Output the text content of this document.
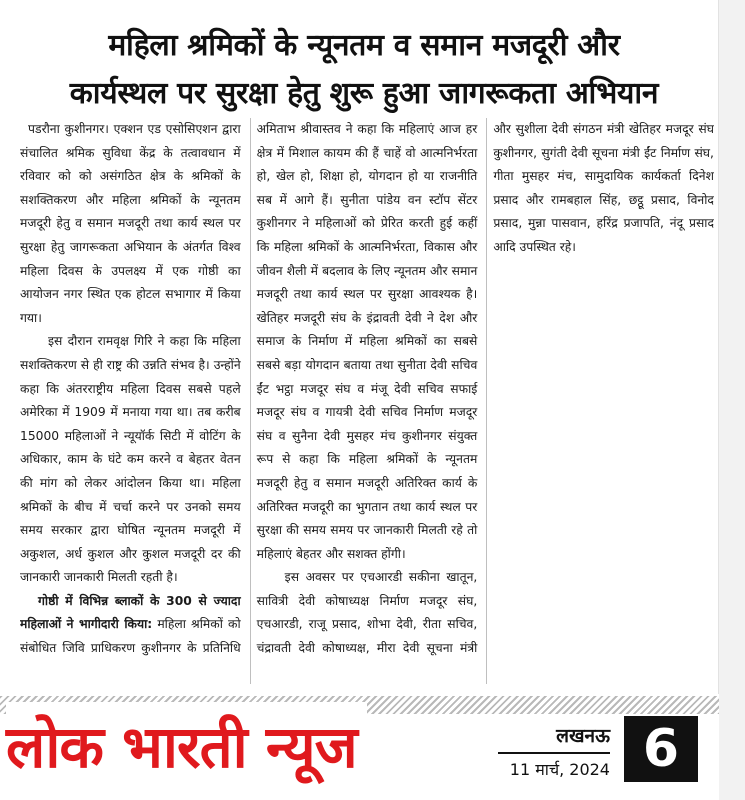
महिला श्रमिकों के न्यूनतम व समान मजदूरी और
कार्यस्थल पर सुरक्षा हेतु शुरू हुआ जागरूकता अभियान

पडरौना कुशीनगर। एक्शन एड एसोसिएशन द्वारा संचालित श्रमिक सुविधा केंद्र के तत्वावधान में रविवार को को असंगठित क्षेत्र के श्रमिकों के सशक्तिकरण और महिला श्रमिकों के न्यूनतम मजदूरी हेतु व समान मजदूरी तथा कार्य स्थल पर सुरक्षा हेतु जागरूकता अभियान के अंतर्गत विश्व महिला दिवस के उपलक्ष्य में एक गोष्ठी का आयोजन नगर स्थित एक होटल सभागार में किया गया।

इस दौरान रामवृक्ष गिरि ने कहा कि महिला सशक्तिकरण से ही राष्ट्र की उन्नति संभव है। उन्होंने कहा कि अंतरराष्ट्रीय महिला दिवस सबसे पहले अमेरिका में 1909 में मनाया गया था। तब करीब 15000 महिलाओं ने न्यूयॉर्क सिटी में वोटिंग के अधिकार, काम के घंटे कम करने व बेहतर वेतन की मांग को लेकर आंदोलन किया था। महिला श्रमिकों के बीच में चर्चा करने पर उनको समय समय सरकार द्वारा घोषित न्यूनतम मजदूरी में अकुशल, अर्ध कुशल और कुशल मजदूरी दर की जानकारी जानकारी मिलती रहती है।

गोष्ठी में विभिन्न ब्लाकों के 300 से ज्यादा महिलाओं ने भागीदारी किया: महिला श्रमिकों को संबोधित जिवि प्राधिकरण कुशीनगर के प्रतिनिधि अमिताभ श्रीवास्तव ने कहा कि महिलाएं आज हर क्षेत्र में मिशाल कायम की हैं चाहें वो आत्मनिर्भरता हो, खेल हो, शिक्षा हो, योगदान हो या राजनीति सब में आगे हैं। सुनीता पांडेय वन स्टॉप सेंटर कुशीनगर ने महिलाओं को प्रेरित करती हुई कहीं कि महिला श्रमिकों के आत्मनिर्भरता, विकास और जीवन शैली में बदलाव के लिए न्यूनतम और समान मजदूरी तथा कार्य स्थल पर सुरक्षा आवश्यक है। खेतिहर मजदूरी संघ के इंद्रावती देवी ने देश और समाज के निर्माण में महिला श्रमिकों का सबसे सबसे बड़ा योगदान बताया तथा सुनीता देवी सचिव ईंट भट्ठा मजदूर संघ व मंजू देवी सचिव सफाई मजदूर संघ व गायत्री देवी सचिव निर्माण मजदूर संघ व सुनैना देवी मुसहर मंच कुशीनगर संयुक्त रूप से कहा कि महिला श्रमिकों के न्यूनतम मजदूरी हेतु व समान मजदूरी अतिरिक्त कार्य के अतिरिक्त मजदूरी का भुगतान तथा कार्य स्थल पर सुरक्षा की समय समय पर जानकारी मिलती रहे तो महिलाएं बेहतर और सशक्त होंगी।

इस अवसर पर एचआरडी सकीना खातून, सावित्री देवी कोषाध्यक्ष निर्माण मजदूर संघ, एचआरडी, राजू प्रसाद, शोभा देवी, रीता सचिव, चंद्रावती देवी कोषाध्यक्ष, मीरा देवी सूचना मंत्री और सुशीला देवी संगठन मंत्री खेतिहर मजदूर संघ कुशीनगर, सुगंती देवी सूचना मंत्री ईंट निर्माण संघ, गीता मुसहर मंच, सामुदायिक कार्यकर्ता दिनेश प्रसाद और रामबहाल सिंह, छट्ठू प्रसाद, विनोद प्रसाद, मुन्ना पासवान, हरिंद्र प्रजापति, नंदू प्रसाद आदि उपस्थित रहे।

लोक भारती न्यूज	लखनऊ
11 मार्च, 2024 6
